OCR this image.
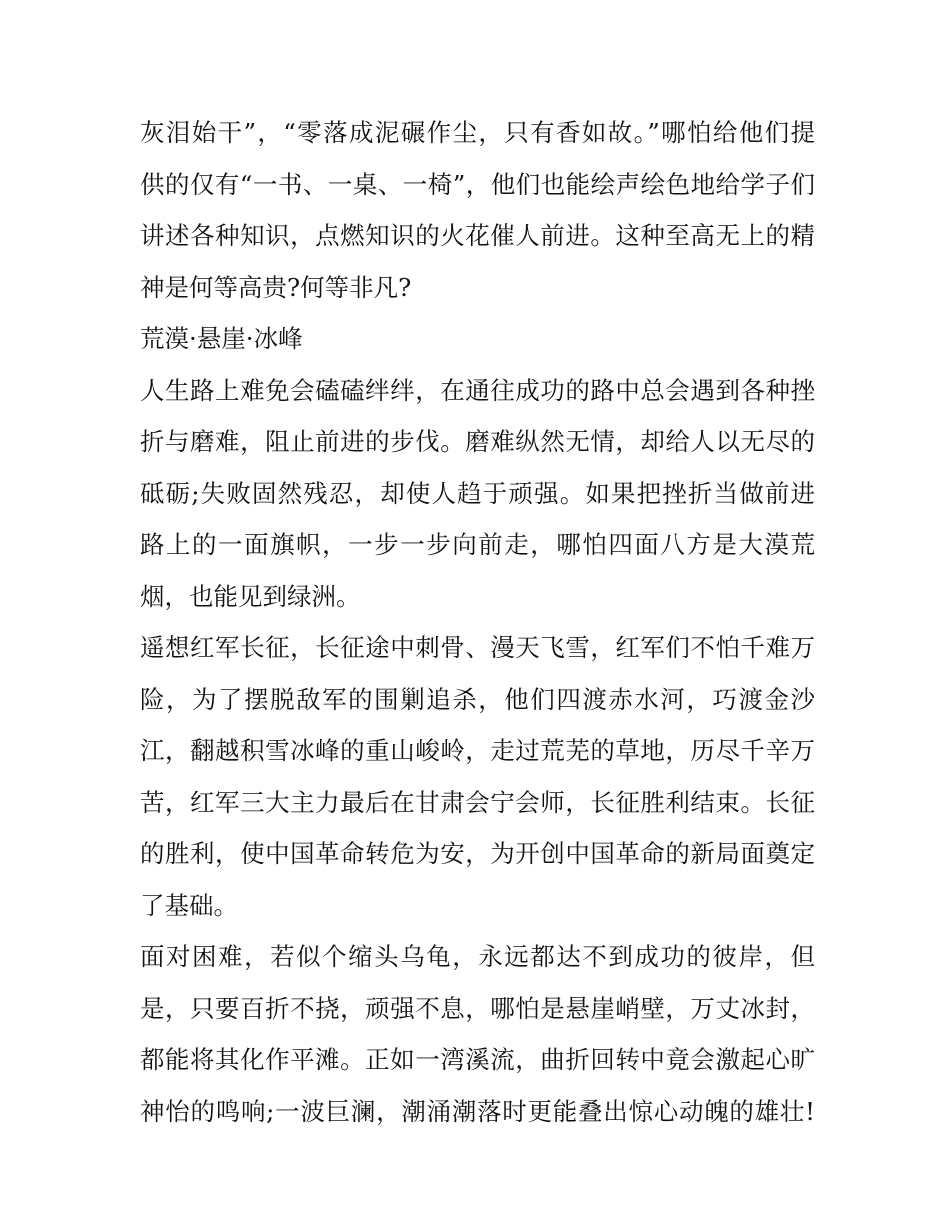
灰泪始干”，“零落成泥碾作尘，只有香如故。”哪怕给他们提
供的仅有“一书、一桌、一椅”，他们也能绘声绘色地给学子们
讲述各种知识，点燃知识的火花催人前进。这种至高无上的精
神是何等高贵?何等非凡?
荒漠·悬崖·冰峰
人生路上难免会磕磕绊绊，在通往成功的路中总会遇到各种挫
折与磨难，阻止前进的步伐。磨难纵然无情，却给人以无尽的
砥砺;失败固然残忍，却使人趋于顽强。如果把挫折当做前进
路上的一面旗帜，一步一步向前走，哪怕四面八方是大漠荒
烟，也能见到绿洲。
遥想红军长征，长征途中刺骨、漫天飞雪，红军们不怕千难万
险，为了摆脱敌军的围剿追杀，他们四渡赤水河，巧渡金沙
江，翻越积雪冰峰的重山峻岭，走过荒芜的草地，历尽千辛万
苦，红军三大主力最后在甘肃会宁会师，长征胜利结束。长征
的胜利，使中国革命转危为安，为开创中国革命的新局面奠定
了基础。
面对困难，若似个缩头乌龟，永远都达不到成功的彼岸，但
是，只要百折不挠，顽强不息，哪怕是悬崖峭壁，万丈冰封，
都能将其化作平滩。正如一湾溪流，曲折回转中竟会激起心旷
神怡的鸣响;一波巨澜，潮涌潮落时更能叠出惊心动魄的雄壮!
